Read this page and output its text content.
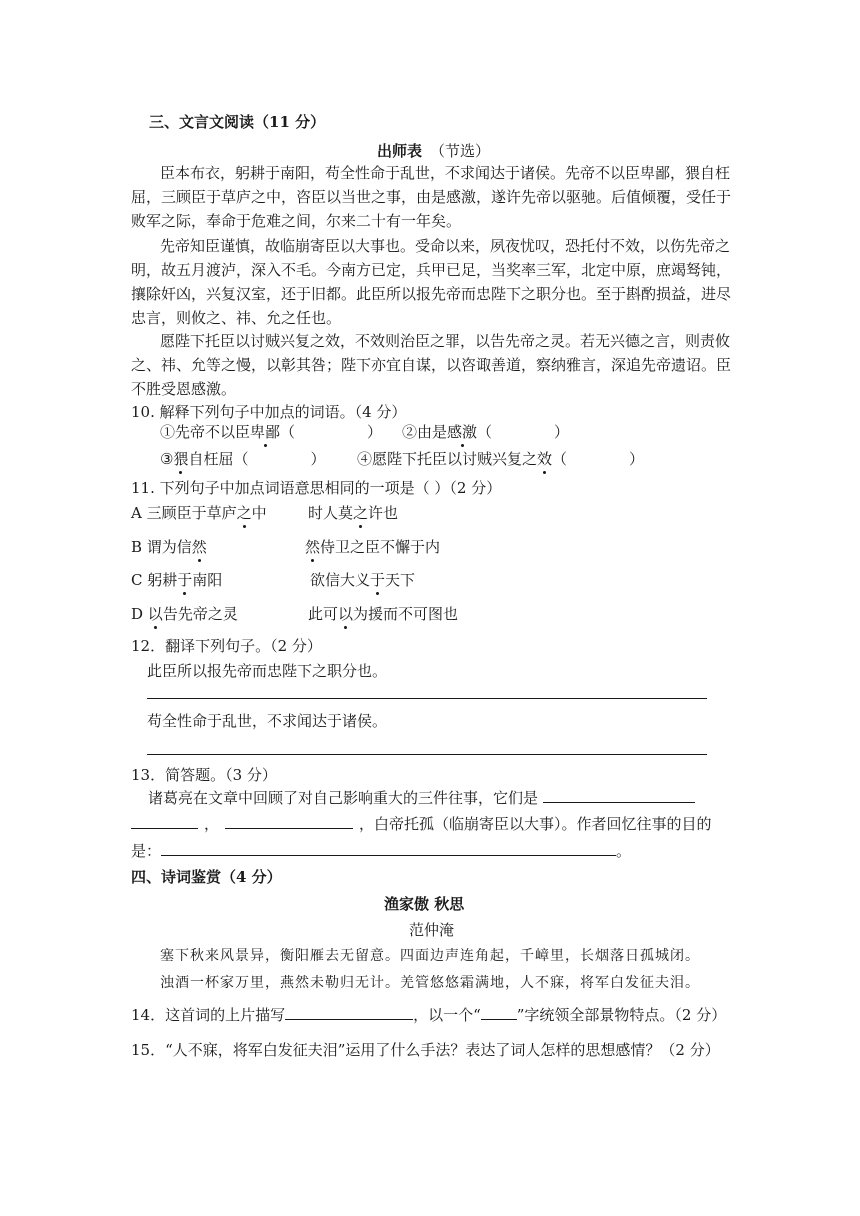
三、文言文阅读（11 分）
出师表 （节选）
臣本布衣，躬耕于南阳，苟全性命于乱世，不求闻达于诸侯。先帝不以臣卑鄙，猥自枉
屈，三顾臣于草庐之中，咨臣以当世之事，由是感激，遂许先帝以驱驰。后值倾覆，受任于
败军之际，奉命于危难之间，尔来二十有一年矣。
先帝知臣谨慎，故临崩寄臣以大事也。受命以来，夙夜忧叹，恐托付不效，以伤先帝之
明，故五月渡泸，深入不毛。今南方已定，兵甲已足，当奖率三军，北定中原，庶竭驽钝，
攘除奸凶，兴复汉室，还于旧都。此臣所以报先帝而忠陛下之职分也。至于斟酌损益，进尽
忠言，则攸之、祎、允之任也。
愿陛下托臣以讨贼兴复之效，不效则治臣之罪，以告先帝之灵。若无兴德之言，则责攸
之、祎、允等之慢，以彰其咎；陛下亦宜自谋，以咨诹善道，察纳雅言，深追先帝遗诏。臣
不胜受恩感激。
10. 解释下列句子中加点的词语。（4 分）
①先帝不以臣卑鄙（	） ②由是感激（	）
③猥自枉屈（	） ④愿陛下托臣以讨贼兴复之效（	）
11. 下列句子中加点词语意思相同的一项是（ ）（2 分）
A 三顾臣于草庐之中	时人莫之许也
B 谓为信然	然侍卫之臣不懈于内
C 躬耕于南阳	欲信大义于天下
D 以告先帝之灵	此可以为援而不可图也
12．翻译下列句子。（2 分）
此臣所以报先帝而忠陛下之职分也。
苟全性命于乱世，不求闻达于诸侯。
13．简答题。（3 分）
诸葛亮在文章中回顾了对自己影响重大的三件往事，它们是
，	，白帝托孤（临崩寄臣以大事）。作者回忆往事的目的
是：	。
四、诗词鉴赏（4 分）
渔家傲 秋思
范仲淹
塞下秋来风景异，衡阳雁去无留意。四面边声连角起，千嶂里，长烟落日孤城闭。
浊酒一杯家万里，燕然未勒归无计。羌管悠悠霜满地，人不寐，将军白发征夫泪。
14．这首词的上片描写	，以一个“ ”字统领全部景物特点。（2 分）
15．“人不寐，将军白发征夫泪”运用了什么手法？表达了词人怎样的思想感情？（2 分）
